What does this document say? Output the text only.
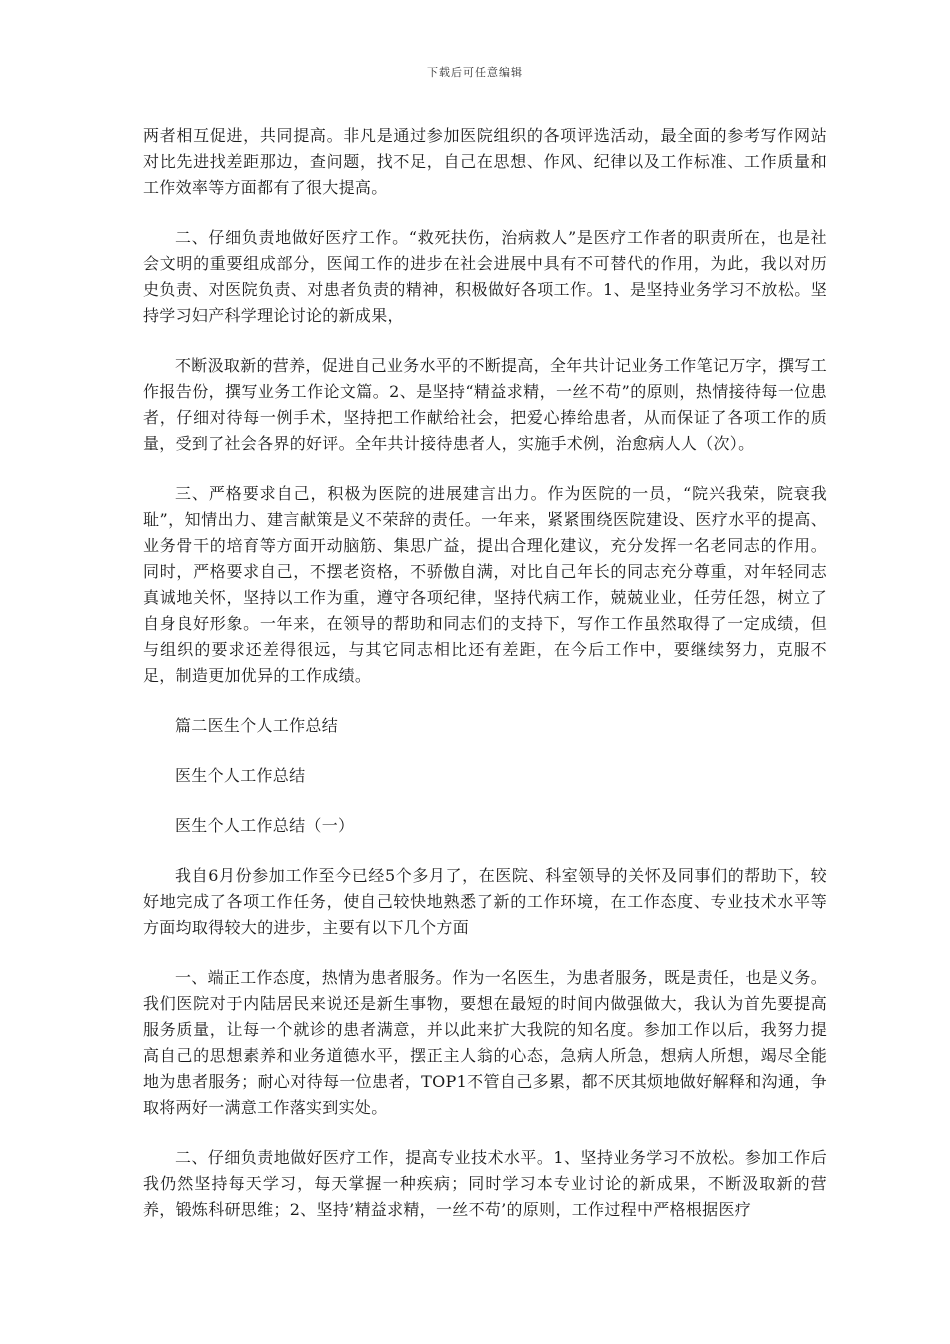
下载后可任意编辑

两者相互促进，共同提高。非凡是通过参加医院组织的各项评选活动，最全面的参考写作网站对比先进找差距那边，查问题，找不足，自己在思想、作风、纪律以及工作标准、工作质量和工作效率等方面都有了很大提高。

二、仔细负责地做好医疗工作。“救死扶伤，治病救人”是医疗工作者的职责所在，也是社会文明的重要组成部分，医闻工作的进步在社会进展中具有不可替代的作用，为此，我以对历史负责、对医院负责、对患者负责的精神，积极做好各项工作。1、是坚持业务学习不放松。坚持学习妇产科学理论讨论的新成果，

不断汲取新的营养，促进自己业务水平的不断提高，全年共计记业务工作笔记万字，撰写工作报告份，撰写业务工作论文篇。2、是坚持“精益求精，一丝不苟”的原则，热情接待每一位患者，仔细对待每一例手术，坚持把工作献给社会，把爱心捧给患者，从而保证了各项工作的质量，受到了社会各界的好评。全年共计接待患者人，实施手术例，治愈病人人（次）。

三、严格要求自己，积极为医院的进展建言出力。作为医院的一员，“院兴我荣，院衰我耻”，知情出力、建言献策是义不荣辞的责任。一年来，紧紧围绕医院建设、医疗水平的提高、业务骨干的培育等方面开动脑筋、集思广益，提出合理化建议，充分发挥一名老同志的作用。同时，严格要求自己，不摆老资格，不骄傲自满，对比自己年长的同志充分尊重，对年轻同志真诚地关怀，坚持以工作为重，遵守各项纪律，坚持代病工作，兢兢业业，任劳任怨，树立了自身良好形象。一年来，在领导的帮助和同志们的支持下，写作工作虽然取得了一定成绩，但与组织的要求还差得很远，与其它同志相比还有差距，在今后工作中，要继续努力，克服不足，制造更加优异的工作成绩。

篇二医生个人工作总结

医生个人工作总结

医生个人工作总结（一）

我自6月份参加工作至今已经5个多月了，在医院、科室领导的关怀及同事们的帮助下，较好地完成了各项工作任务，使自己较快地熟悉了新的工作环境，在工作态度、专业技术水平等方面均取得较大的进步，主要有以下几个方面

一、端正工作态度，热情为患者服务。作为一名医生，为患者服务，既是责任，也是义务。我们医院对于内陆居民来说还是新生事物，要想在最短的时间内做强做大，我认为首先要提高服务质量，让每一个就诊的患者满意，并以此来扩大我院的知名度。参加工作以后，我努力提高自己的思想素养和业务道德水平，摆正主人翁的心态，急病人所急，想病人所想，竭尽全能地为患者服务；耐心对待每一位患者，TOP1不管自己多累，都不厌其烦地做好解释和沟通，争取将两好一满意工作落实到实处。

二、仔细负责地做好医疗工作，提高专业技术水平。1、坚持业务学习不放松。参加工作后我仍然坚持每天学习，每天掌握一种疾病；同时学习本专业讨论的新成果，不断汲取新的营养，锻炼科研思维；2、坚持’精益求精，一丝不苟’的原则，工作过程中严格根据医疗
